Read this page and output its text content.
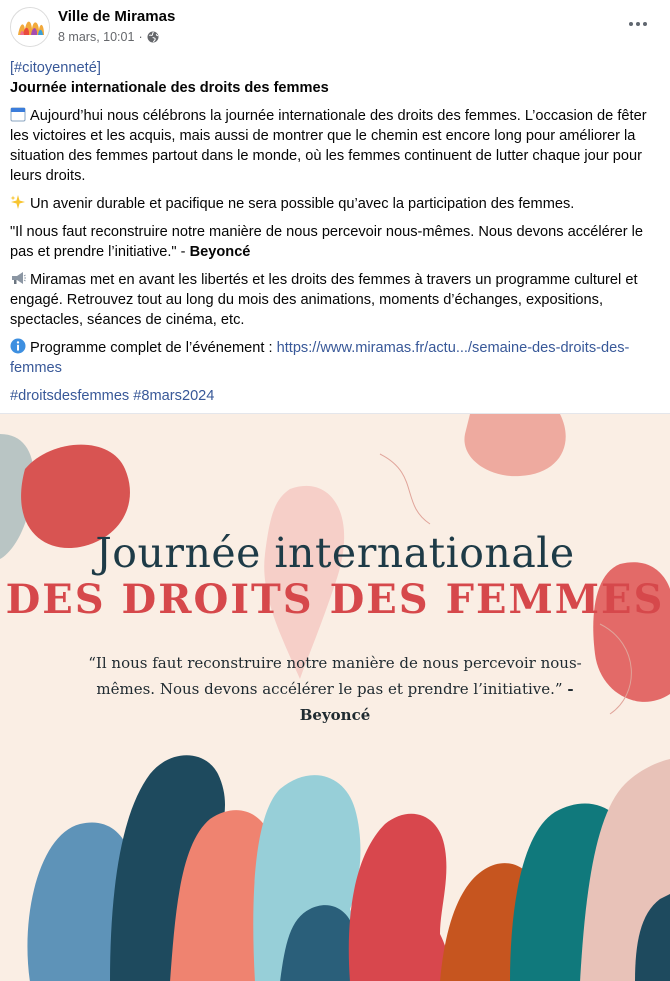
Ville de Miramas
8 mars, 10:01 ·

[#citoyenneté]

Journée internationale des droits des femmes

Aujourd’hui nous célébrons la journée internationale des droits des femmes. L’occasion de fêter les victoires et les acquis, mais aussi de montrer que le chemin est encore long pour améliorer la situation des femmes partout dans le monde, où les femmes continuent de lutter chaque jour pour leurs droits.

Un avenir durable et pacifique ne sera possible qu’avec la participation des femmes.

"Il nous faut reconstruire notre manière de nous percevoir nous-mêmes. Nous devons accélérer le pas et prendre l’initiative." - Beyoncé

Miramas met en avant les libertés et les droits des femmes à travers un programme culturel et engagé. Retrouvez tout au long du mois des animations, moments d’échanges, expositions, spectacles, séances de cinéma, etc.

Programme complet de l’événement : https://www.miramas.fr/actu.../semaine-des-droits-des-femmes

#droitsdesfemmes #8mars2024

Journée internationale
DES DROITS DES FEMMES
“Il nous faut reconstruire notre manière de nous percevoir nous-mêmes. Nous devons accélérer le pas et prendre l’initiative.” - Beyoncé
